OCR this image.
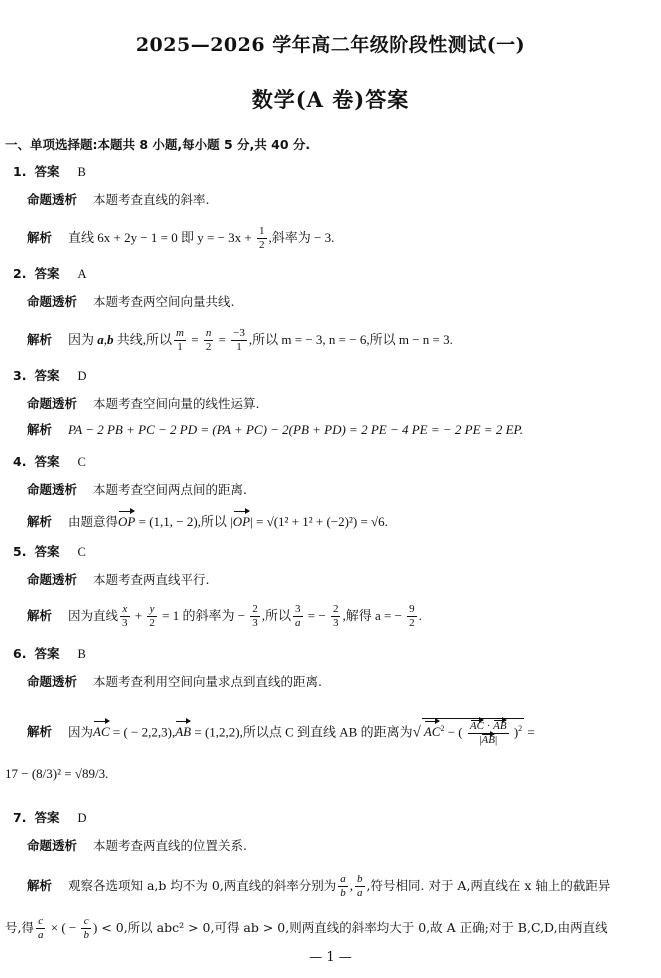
2025—2026 学年高二年级阶段性测试(一)
数学(A 卷)答案
一、单项选择题:本题共 8 小题,每小题 5 分,共 40 分.
1. 答案 B
命题透析 本题考查直线的斜率.
解析 直线 6x + 2y − 1 = 0 即 y = − $3x + \frac{1}{2}$ ,斜率为 − 3.
2. 答案 A
命题透析 本题考查两空间向量共线.
解析 因为 a,b 共线,所以 $\frac{m}{1} = \frac{n}{2} = \frac{-3}{1}$ ,所以 m = − 3, n = − 6,所以 m − n = 3.
3. 答案 D
命题透析 本题考查空间向量的线性运算.
解析 PA − 2 PB + PC − 2 PD = (PA + PC) − 2(PB + PD) = 2 PE − 4 PE = − 2 PE = 2 EP.
4. 答案 C
命题透析 本题考查空间两点间的距离.
解析 由题意得OP = (1,1, − 2),所以 |OP| = √(1² + 1² + (−2)²) = √6.
5. 答案 C
命题透析 本题考查两直线平行.
解析 因为直线 $\frac{x}{3} + \frac{y}{2} = 1$ 的斜率为 − $\frac{2}{3}$ ,所以 $\frac{3}{a}$ = − $\frac{2}{3}$ ,解得 a = − $\frac{9}{2}$ .
6. 答案 B
命题透析 本题考查利用空间向量求点到直线的距离.
解析 因为AC = ( − 2,2,3),AB = (1,2,2),所以点 C 到直线 AB 的距离为√ $AC^2$ − ( $\frac{AC \cdot AB}{|AB|} )^2$ =
17 − (8/3)² = √89/3.
7. 答案 D
命题透析 本题考查两直线的位置关系.
解析 观察各选项知 a,b 均不为 0,两直线的斜率分别为 $\frac{a}{b}$ , $\frac{b}{a}$ ,符号相同. 对于 A,两直线在 x 轴上的截距异
号,得 $\frac{c}{a}$ × ( − $\frac{c}{b}$ ) < 0,所以 abc² > 0,可得 ab > 0,则两直线的斜率均大于 0,故 A 正确;对于 B,C,D,由两直线
— 1 —
